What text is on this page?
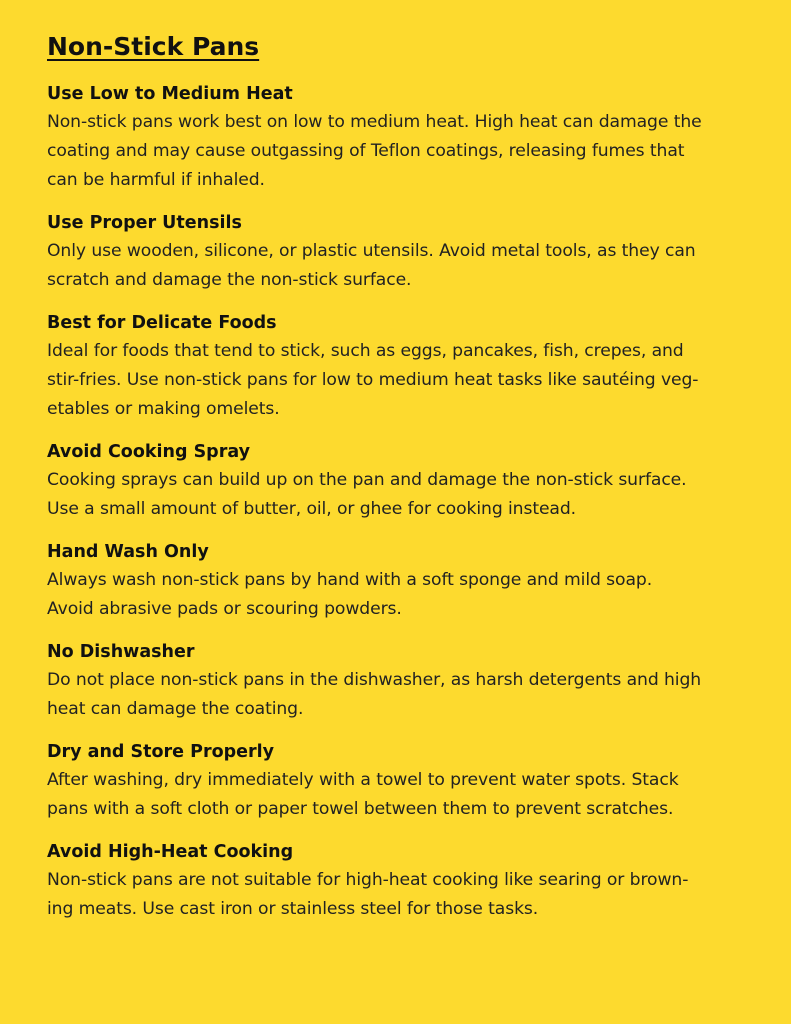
Non-Stick Pans
Use Low to Medium Heat

Non-stick pans work best on low to medium heat. High heat can damage the
coating and may cause outgassing of Teflon coatings, releasing fumes that
can be harmful if inhaled.

Use Proper Utensils

Only use wooden, silicone, or plastic utensils. Avoid metal tools, as they can
scratch and damage the non-stick surface.

Best for Delicate Foods

Ideal for foods that tend to stick, such as eggs, pancakes, fish, crepes, and
stir-fries. Use non-stick pans for low to medium heat tasks like sautéing veg-
etables or making omelets.

Avoid Cooking Spray

Cooking sprays can build up on the pan and damage the non-stick surface.
Use a small amount of butter, oil, or ghee for cooking instead.

Hand Wash Only

Always wash non-stick pans by hand with a soft sponge and mild soap.
Avoid abrasive pads or scouring powders.

No Dishwasher

Do not place non-stick pans in the dishwasher, as harsh detergents and high
heat can damage the coating.

Dry and Store Properly

After washing, dry immediately with a towel to prevent water spots. Stack
pans with a soft cloth or paper towel between them to prevent scratches.

Avoid High-Heat Cooking

Non-stick pans are not suitable for high-heat cooking like searing or brown-
ing meats. Use cast iron or stainless steel for those tasks.
